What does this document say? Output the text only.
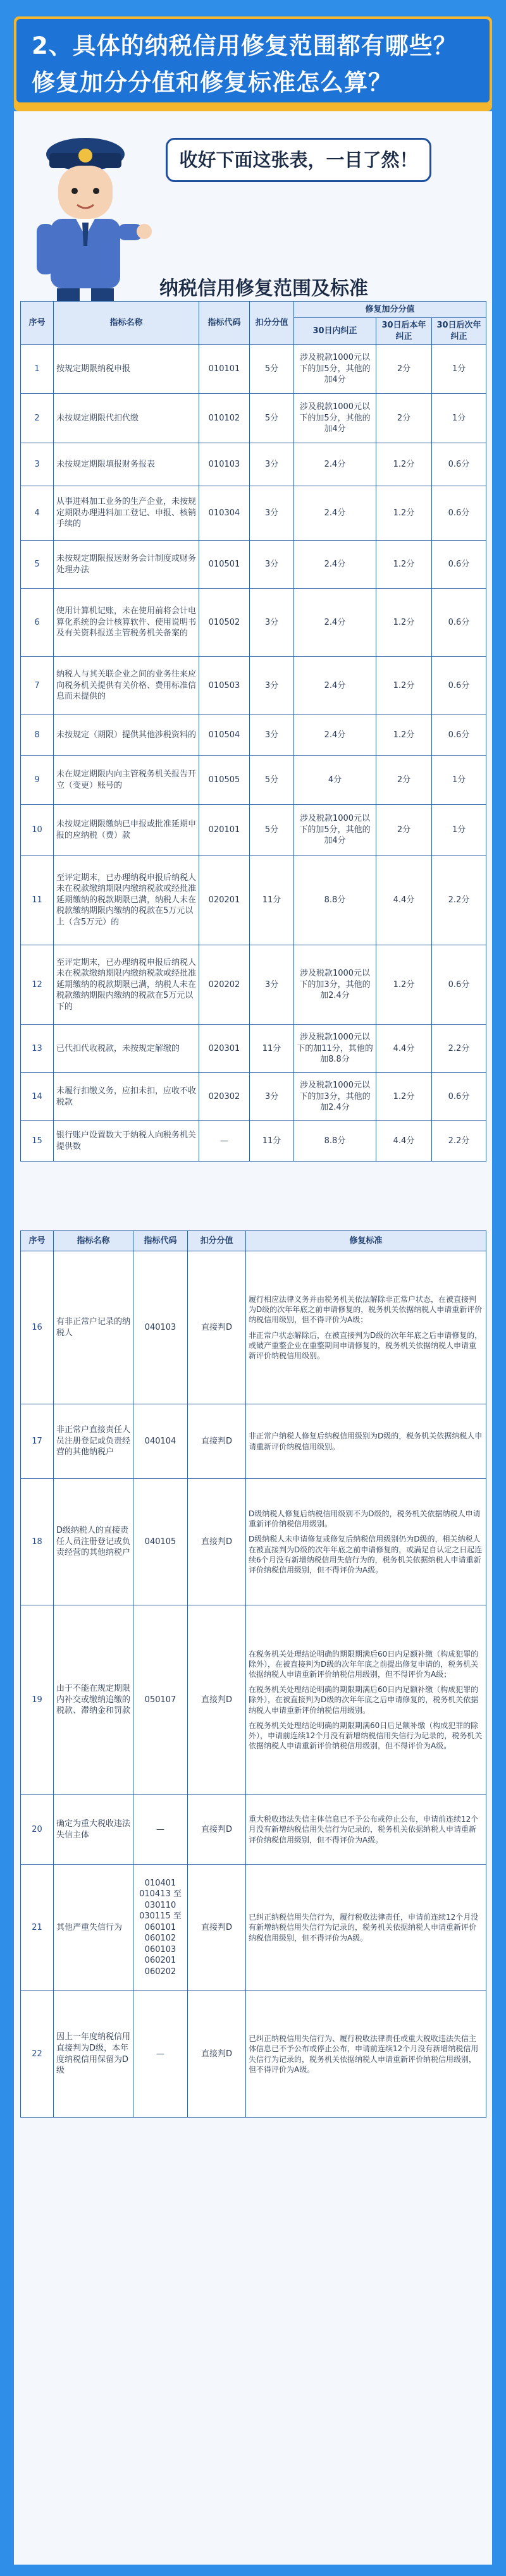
2、具体的纳税信用修复范围都有哪些？
修复加分分值和修复标准怎么算？
收好下面这张表，一目了然！
纳税信用修复范围及标准
序号	指标名称	指标代码	扣分分值	修复加分分值		
				30日内纠正	30日后本年纠正	30日后次年纠正
1	按规定期限纳税申报	010101	5分	涉及税款1000元以下的加5分，其他的加4分	2分	1分
2	未按规定期限代扣代缴	010102	5分	涉及税款1000元以下的加5分，其他的加4分	2分	1分
3	未按规定期限填报财务报表	010103	3分	2.4分	1.2分	0.6分
4	从事进料加工业务的生产企业，未按规定期限办理进料加工登记、申报、核销手续的	010304	3分	2.4分	1.2分	0.6分
5	未按规定期限报送财务会计制度或财务处理办法	010501	3分	2.4分	1.2分	0.6分
6	使用计算机记账，未在使用前将会计电算化系统的会计核算软件、使用说明书及有关资料报送主管税务机关备案的	010502	3分	2.4分	1.2分	0.6分
7	纳税人与其关联企业之间的业务往来应向税务机关提供有关价格、费用标准信息而未提供的	010503	3分	2.4分	1.2分	0.6分
8	未按规定（期限）提供其他涉税资料的	010504	3分	2.4分	1.2分	0.6分
9	未在规定期限内向主管税务机关报告开立（变更）账号的	010505	5分	4分	2分	1分
10	未按规定期限缴纳已申报或批准延期申报的应纳税（费）款	020101	5分	涉及税款1000元以下的加5分，其他的加4分	2分	1分
11	至评定期末，已办理纳税申报后纳税人未在税款缴纳期限内缴纳税款或经批准延期缴纳的税款期限已满，纳税人未在税款缴纳期限内缴纳的税款在5万元以上（含5万元）的	020201	11分	8.8分	4.4分	2.2分
12	至评定期末，已办理纳税申报后纳税人未在税款缴纳期限内缴纳税款或经批准延期缴纳的税款期限已满，纳税人未在税款缴纳期限内缴纳的税款在5万元以下的	020202	3分	涉及税款1000元以下的加3分，其他的加2.4分	1.2分	0.6分
13	已代扣代收税款，未按规定解缴的	020301	11分	涉及税款1000元以下的加11分，其他的加8.8分	4.4分	2.2分
14	未履行扣缴义务，应扣未扣，应收不收税款	020302	3分	涉及税款1000元以下的加3分，其他的加2.4分	1.2分	0.6分
15	银行账户设置数大于纳税人向税务机关提供数	—	11分	8.8分	4.4分	2.2分
序号	指标名称	指标代码	扣分分值	修复标准
16	有非正常户记录的纳税人	040103	直接判D	履行相应法律义务并由税务机关依法解除非正常户状态，在被直接判为D级的次年年底之前申请修复的，税务机关依据纳税人申请重新评价纳税信用级别，但不得评价为A级；
非正常户状态解除后，在被直接判为D级的次年年底之后申请修复的，或破产重整企业在重整期间申请修复的，税务机关依据纳税人申请重新评价纳税信用级别。

17	非正常户直接责任人员注册登记或负责经营的其他纳税户	040104	直接判D	非正常户纳税人修复后纳税信用级别为D级的，税务机关依据纳税人申请重新评价纳税信用级别。

18	D级纳税人的直接责任人员注册登记或负责经营的其他纳税户	040105	直接判D	D级纳税人修复后纳税信用级别不为D级的，税务机关依据纳税人申请重新评价纳税信用级别。
D级纳税人未申请修复或修复后纳税信用级别仍为D级的，相关纳税人在被直接判为D级的次年年底之前申请修复的，或满足自认定之日起连续6个月没有新增纳税信用失信行为的，税务机关依据纳税人申请重新评价纳税信用级别，但不得评价为A级。

19	由于不能在规定期限内补交或缴纳追缴的税款、滞纳金和罚款	050107	直接判D	在税务机关处理结论明确的期限期满后60日内足额补缴（构成犯罪的除外），在被直接判为D级的次年年底之前提出修复申请的，税务机关依据纳税人申请重新评价纳税信用级别，但不得评价为A级；
在税务机关处理结论明确的期限期满后60日内足额补缴（构成犯罪的除外），在被直接判为D级的次年年底之后申请修复的，税务机关依据纳税人申请重新评价纳税信用级别。
在税务机关处理结论明确的期限期满60日后足额补缴（构成犯罪的除外），申请前连续12个月没有新增纳税信用失信行为记录的，税务机关依据纳税人申请重新评价纳税信用级别，但不得评价为A级。

20	确定为重大税收违法失信主体	—	直接判D	重大税收违法失信主体信息已不予公布或停止公布，申请前连续12个月没有新增纳税信用失信行为记录的，税务机关依据纳税人申请重新评价纳税信用级别，但不得评价为A级。

21	其他严重失信行为	010401 010413 至 030110 030115 至 060101 060102 060103 060201 060202	直接判D	已纠正纳税信用失信行为，履行税收法律责任，申请前连续12个月没有新增纳税信用失信行为记录的，税务机关依据纳税人申请重新评价纳税信用级别，但不得评价为A级。

22	因上一年度纳税信用直接判为D级，本年度纳税信用保留为D级	—	直接判D	已纠正纳税信用失信行为、履行税收法律责任或重大税收违法失信主体信息已不予公布或停止公布，申请前连续12个月没有新增纳税信用失信行为记录的，税务机关依据纳税人申请重新评价纳税信用级别，但不得评价为A级。
